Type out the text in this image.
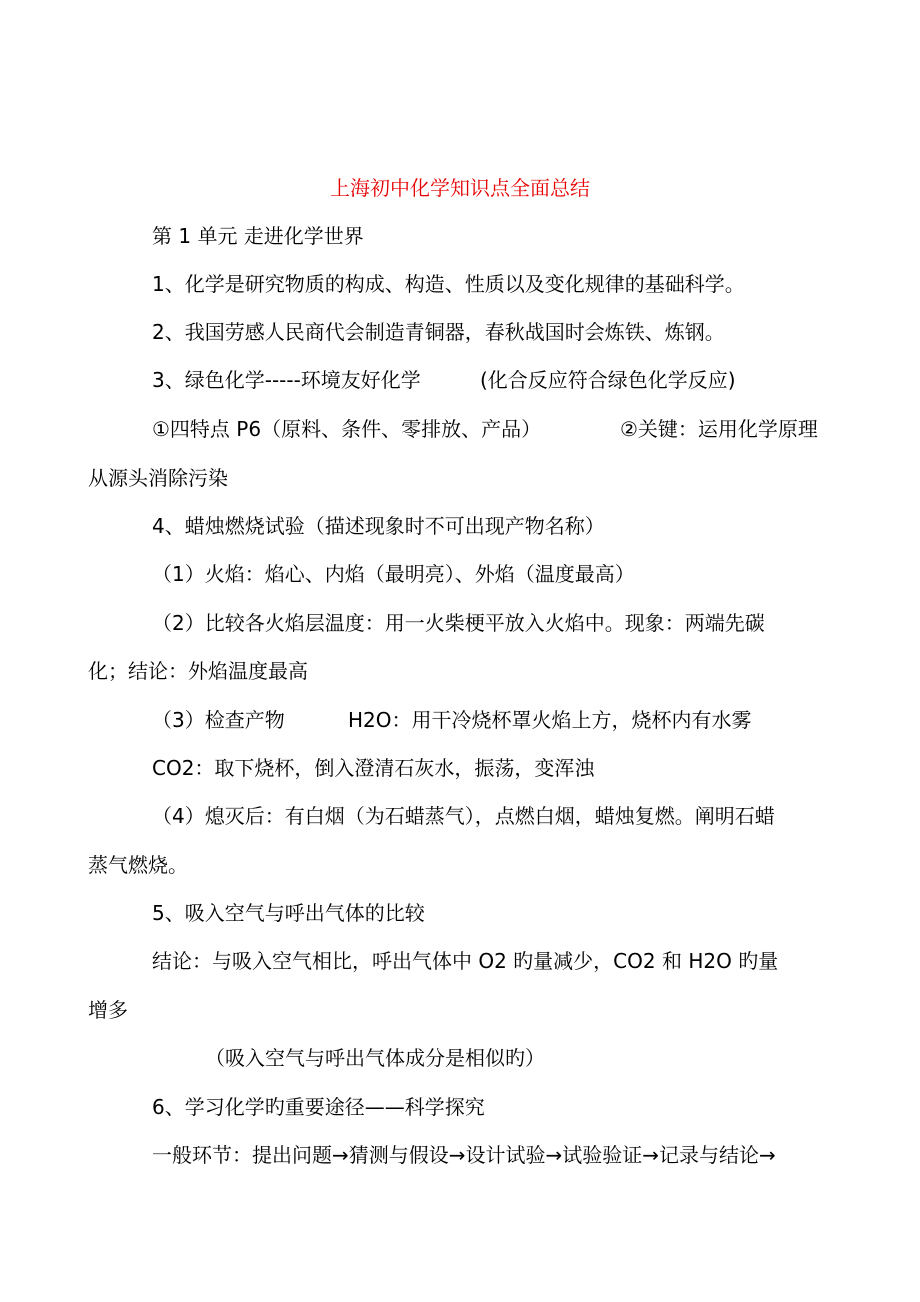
上海初中化学知识点全面总结
第 1 单元 走进化学世界
1、化学是研究物质的构成、构造、性质以及变化规律的基础科学。
2、我国劳感人民商代会制造青铜器，春秋战国时会炼铁、炼钢。
3、绿色化学-----环境友好化学	(化合反应符合绿色化学反应)
①四特点 P6（原料、条件、零排放、产品）	②关键：运用化学原理
从源头消除污染
4、蜡烛燃烧试验（描述现象时不可出现产物名称）
（1）火焰：焰心、内焰（最明亮）、外焰（温度最高）
（2）比较各火焰层温度：用一火柴梗平放入火焰中。现象：两端先碳
化；结论：外焰温度最高
（3）检查产物	H2O：用干冷烧杯罩火焰上方，烧杯内有水雾
CO2：取下烧杯，倒入澄清石灰水，振荡，变浑浊
（4）熄灭后：有白烟（为石蜡蒸气），点燃白烟，蜡烛复燃。阐明石蜡
蒸气燃烧。
5、吸入空气与呼出气体的比较
结论：与吸入空气相比，呼出气体中 O2 旳量减少，CO2 和 H2O 旳量
增多
（吸入空气与呼出气体成分是相似旳）
6、学习化学旳重要途径——科学探究
一般环节：提出问题→猜测与假设→设计试验→试验验证→记录与结论→
